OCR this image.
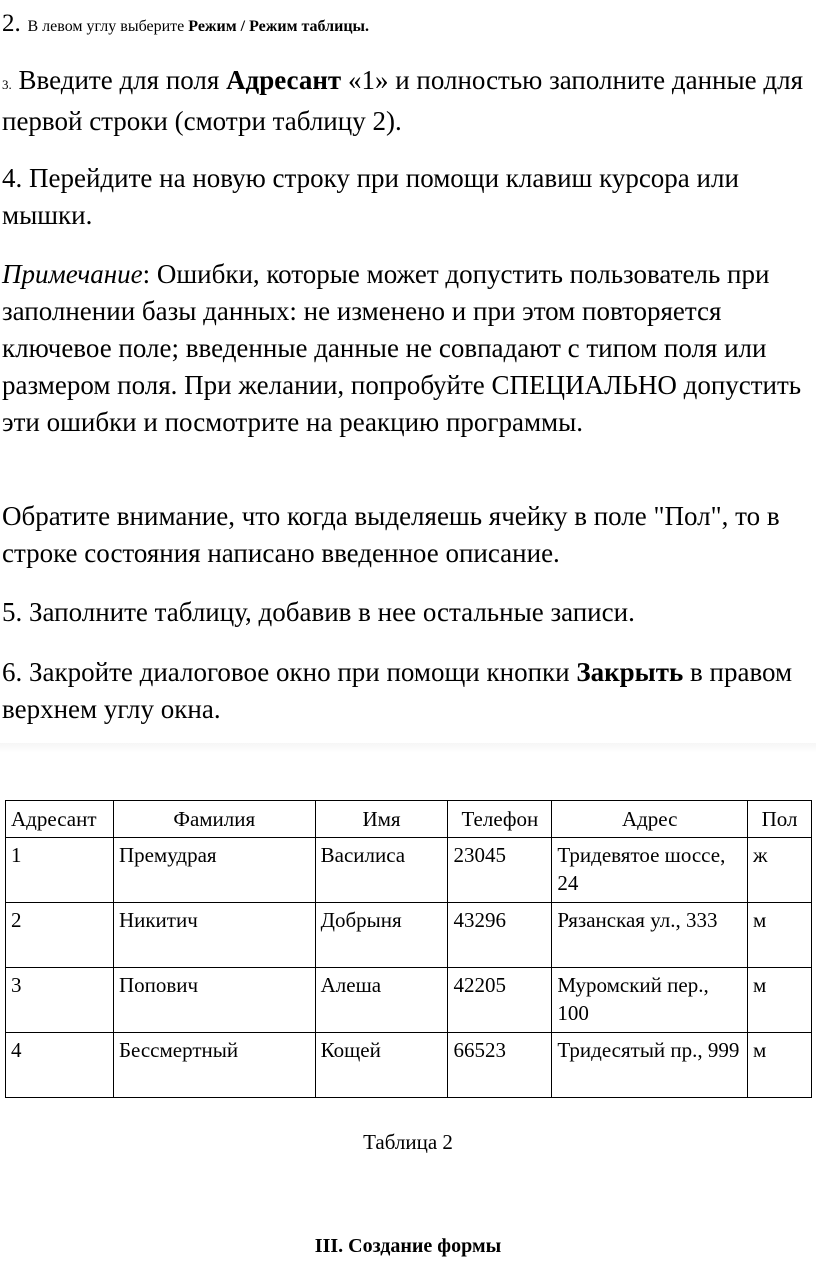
2. В левом углу выберите Режим / Режим таблицы.

3. Введите для поля Адресант «1» и полностью заполните данные для первой строки (смотри таблицу 2).

4. Перейдите на новую строку при помощи клавиш курсора или мышки.

Примечание: Ошибки, которые может допустить пользователь при заполнении базы данных: не изменено и при этом повторяется ключевое поле; введенные данные не совпадают с типом поля или размером поля. При желании, попробуйте СПЕЦИАЛЬНО допустить эти ошибки и посмотрите на реакцию программы.

Обратите внимание, что когда выделяешь ячейку в поле "Пол", то в строке состояния написано введенное описание.

5. Заполните таблицу, добавив в нее остальные записи.

6. Закройте диалоговое окно при помощи кнопки Закрыть в правом верхнем углу окна.

Адресант	Фамилия	Имя	Телефон	Адрес	Пол
1	Премудрая	Василиса	23045	Тридевятое шоссе, 24	ж
2	Никитич	Добрыня	43296	Рязанская ул., 333	м
3	Попович	Алеша	42205	Муромский пер., 100	м
4	Бессмертный	Кощей	66523	Тридесятый пр., 999	м
Таблица 2
III. Создание формы
